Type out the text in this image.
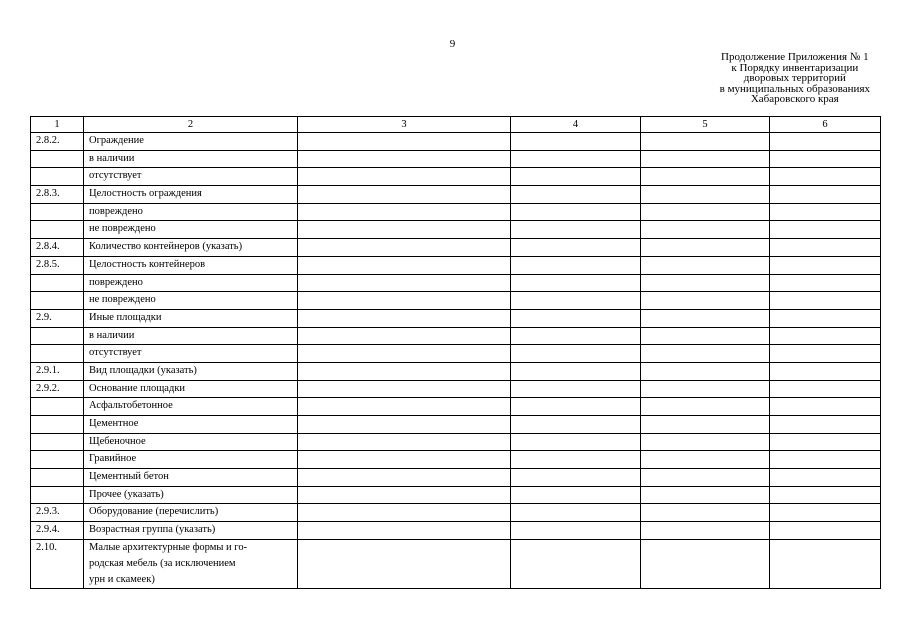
9
Продолжение Приложения № 1
к Порядку инвентаризации
дворовых территорий
в муниципальных образованиях
Хабаровского края
1	2	3	4	5	6
2.8.2.	Ограждение				
	в наличии				
	отсутствует				
2.8.3.	Целостность ограждения				
	повреждено				
	не повреждено				
2.8.4.	Количество контейнеров (указать)				
2.8.5.	Целостность контейнеров				
	повреждено				
	не повреждено				
2.9.	Иные площадки				
	в наличии				
	отсутствует				
2.9.1.	Вид площадки (указать)				
2.9.2.	Основание площадки				
	Асфальтобетонное				
	Цементное				
	Щебеночное				
	Гравийное				
	Цементный бетон				
	Прочее (указать)				
2.9.3.	Оборудование (перечислить)				
2.9.4.	Возрастная группа (указать)				
2.10.	Малые архитектурные формы и го-
родская мебель (за исключением
урн и скамеек)				
